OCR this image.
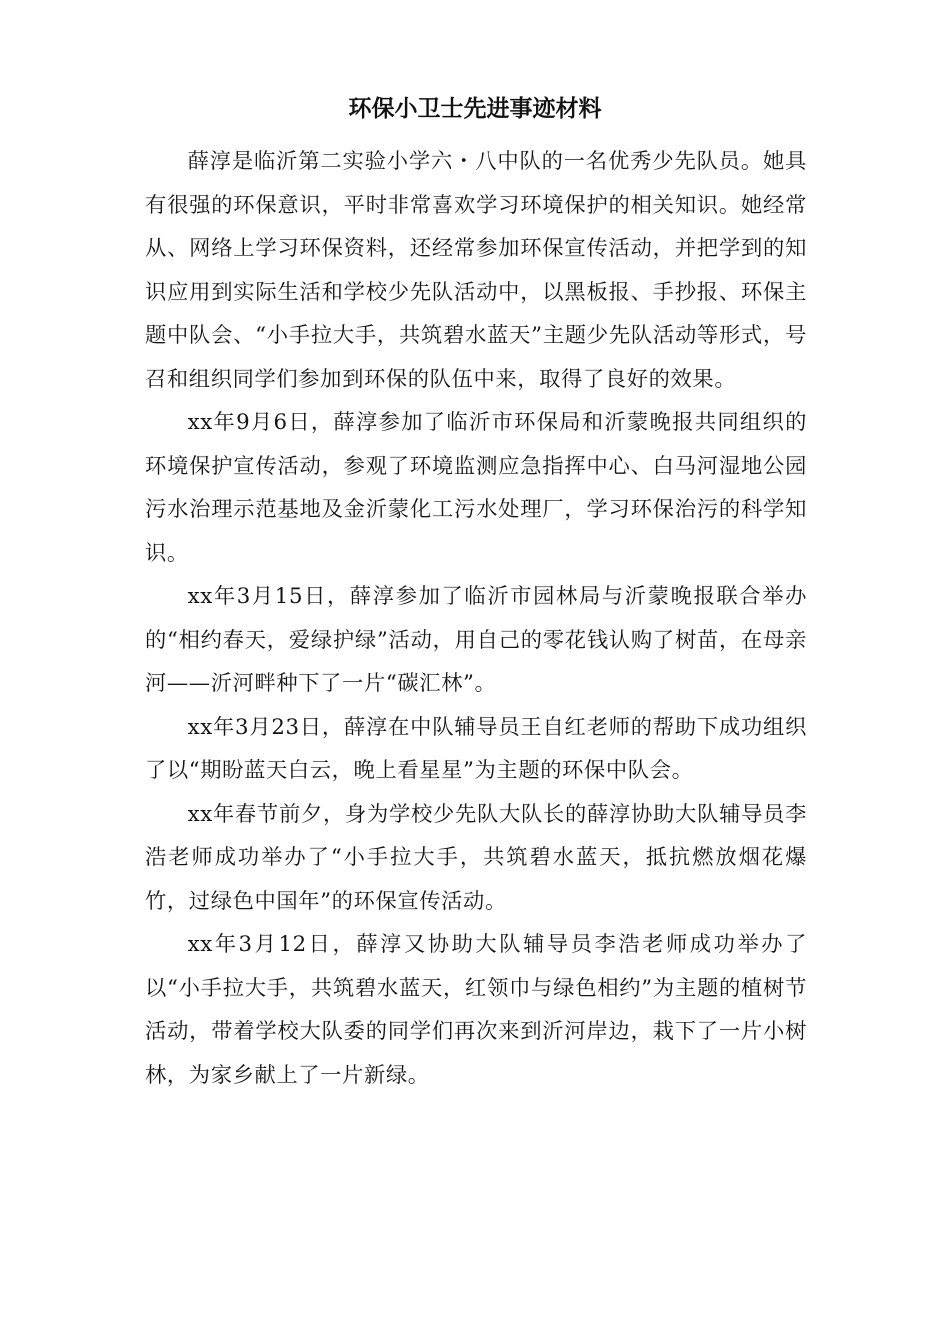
环保小卫士先进事迹材料

薛淳是临沂第二实验小学六・八中队的一名优秀少先队员。她具有很强的环保意识，平时非常喜欢学习环境保护的相关知识。她经常从、网络上学习环保资料，还经常参加环保宣传活动，并把学到的知识应用到实际生活和学校少先队活动中，以黑板报、手抄报、环保主题中队会、“小手拉大手，共筑碧水蓝天”主题少先队活动等形式，号召和组织同学们参加到环保的队伍中来，取得了良好的效果。

xx年9月6日，薛淳参加了临沂市环保局和沂蒙晚报共同组织的环境保护宣传活动，参观了环境监测应急指挥中心、白马河湿地公园污水治理示范基地及金沂蒙化工污水处理厂，学习环保治污的科学知识。

xx年3月15日，薛淳参加了临沂市园林局与沂蒙晚报联合举办的“相约春天，爱绿护绿”活动，用自己的零花钱认购了树苗，在母亲河——沂河畔种下了一片“碳汇林”。

xx年3月23日，薛淳在中队辅导员王自红老师的帮助下成功组织了以“期盼蓝天白云，晚上看星星”为主题的环保中队会。

xx年春节前夕，身为学校少先队大队长的薛淳协助大队辅导员李浩老师成功举办了“小手拉大手，共筑碧水蓝天，抵抗燃放烟花爆竹，过绿色中国年”的环保宣传活动。

xx年3月12日，薛淳又协助大队辅导员李浩老师成功举办了以“小手拉大手，共筑碧水蓝天，红领巾与绿色相约”为主题的植树节活动，带着学校大队委的同学们再次来到沂河岸边，栽下了一片小树林，为家乡献上了一片新绿。
